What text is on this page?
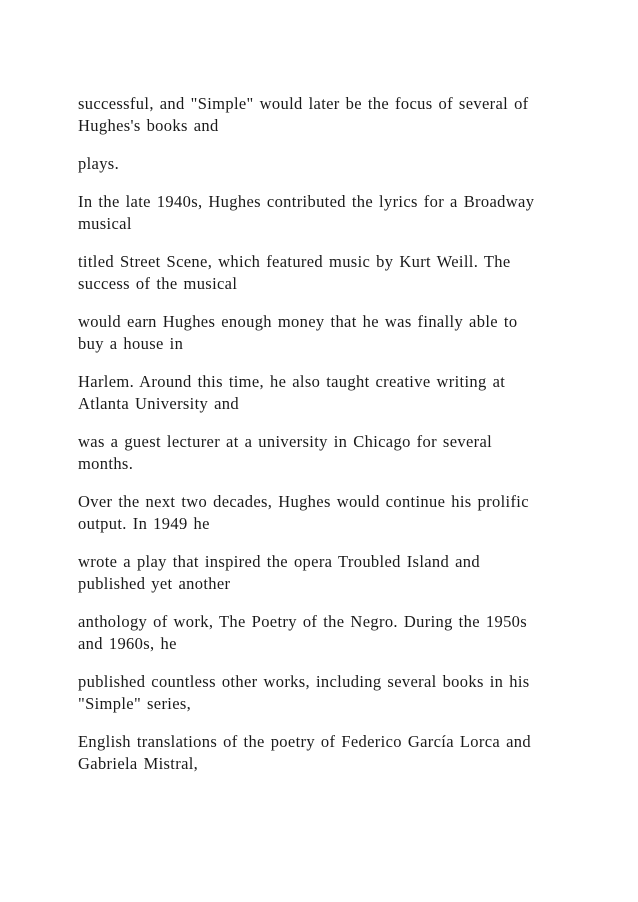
successful, and "Simple" would later be the focus of several of
Hughes's books and

plays.

In the late 1940s, Hughes contributed the lyrics for a Broadway
musical

titled Street Scene, which featured music by Kurt Weill. The
success of the musical

would earn Hughes enough money that he was finally able to
buy a house in

Harlem. Around this time, he also taught creative writing at
Atlanta University and

was a guest lecturer at a university in Chicago for several
months.

Over the next two decades, Hughes would continue his prolific
output. In 1949 he

wrote a play that inspired the opera Troubled Island and
published yet another

anthology of work, The Poetry of the Negro. During the 1950s
and 1960s, he

published countless other works, including several books in his
"Simple" series,

English translations of the poetry of Federico García Lorca and
Gabriela Mistral,
